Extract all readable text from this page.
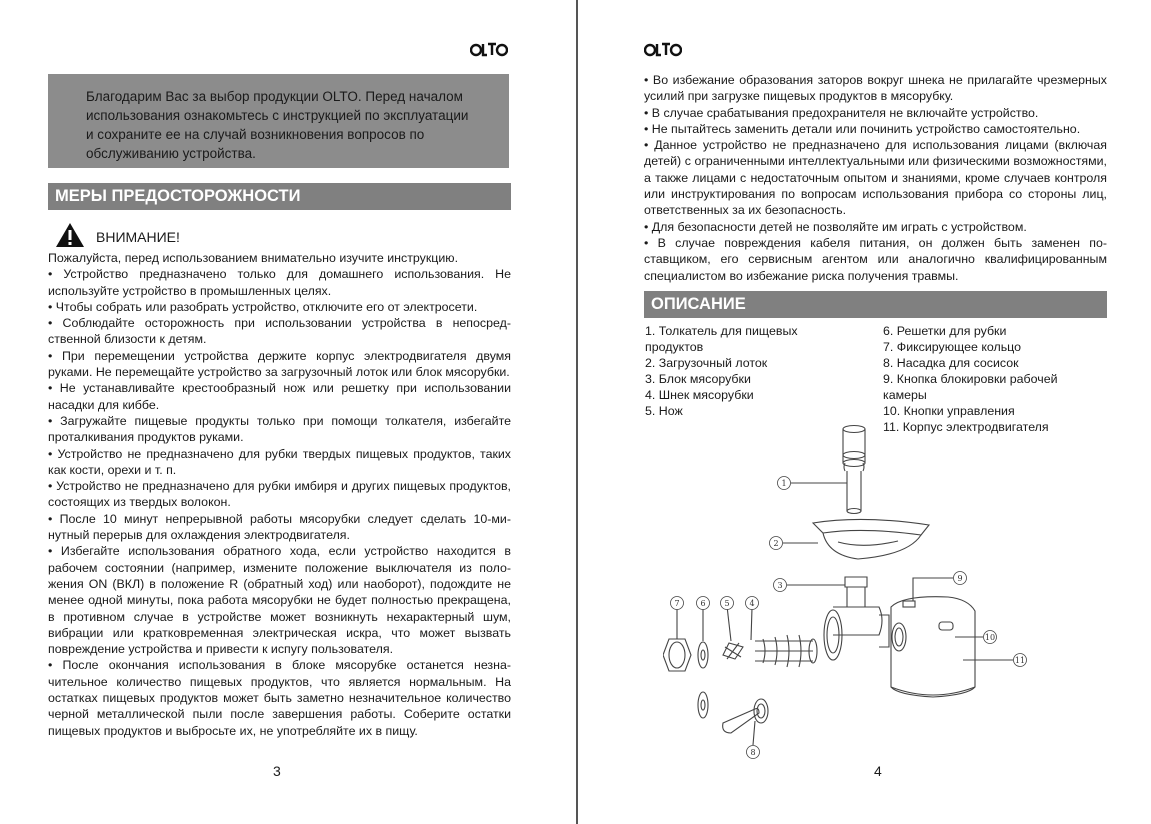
Благодарим Вас за выбор продукции OLTO. Перед началом использования ознакомьтесь с инструкцией по эксплуатации и сохраните ее на случай возникновения вопросов по обслуживанию устройства.
МЕРЫ ПРЕДОСТОРОЖНОСТИ
ВНИМАНИЕ!

Пожалуйста, перед использованием внимательно изучите инструкцию.

• Устройство предназначено только для домашнего использования. Не используйте устройство в промышленных целях.

• Чтобы собрать или разобрать устройство, отключите его от электросети.

• Соблюдайте осторожность при использовании устройства в непосредственной близости к детям.

• При перемещении устройства держите корпус электродвигателя двумя руками. Не перемещайте устройство за загрузочный лоток или блок мясорубки.

• Не устанавливайте крестообразный нож или решетку при использовании насадки для киббе.

• Загружайте пищевые продукты только при помощи толкателя, избегайте проталкивания продуктов руками.

• Устройство не предназначено для рубки твердых пищевых продуктов, таких как кости, орехи и т. п.

• Устройство не предназначено для рубки имбиря и других пищевых продуктов, состоящих из твердых волокон.

• После 10 минут непрерывной работы мясорубки следует сделать 10-минутный перерыв для охлаждения электродвигателя.

• Избегайте использования обратного хода, если устройство находится в рабочем состоянии (например, измените положение выключателя из положения ON (ВКЛ) в положение R (обратный ход) или наоборот), подождите не менее одной минуты, пока работа мясорубки не будет полностью прекращена, в противном случае в устройстве может возникнуть нехарактерный шум, вибрации или кратковременная электрическая искра, что может вызвать повреждение устройства и привести к испугу пользователя.

• После окончания использования в блоке мясорубке останется незначительное количество пищевых продуктов, что является нормальным. На остатках пищевых продуктов может быть заметно незначительное количество черной металлической пыли после завершения работы. Соберите остатки пищевых продуктов и выбросьте их, не употребляйте их в пищу.

3

• Во избежание образования заторов вокруг шнека не прилагайте чрезмерных усилий при загрузке пищевых продуктов в мясорубку.

• В случае срабатывания предохранителя не включайте устройство.

• Не пытайтесь заменить детали или починить устройство самостоятельно.

• Данное устройство не предназначено для использования лицами (включая детей) с ограниченными интеллектуальными или физическими возможностями, а также лицами с недостаточным опытом и знаниями, кроме случаев контроля или инструктирования по вопросам использования прибора со стороны лиц, ответственных за их безопасность.

• Для безопасности детей не позволяйте им играть с устройством.

• В случае повреждения кабеля питания, он должен быть заменен поставщиком, его сервисным агентом или аналогично квалифицированным специалистом во избежание риска получения травмы.

ОПИСАНИЕ
1. Толкатель для пищевых
продуктов
2. Загрузочный лоток
3. Блок мясорубки
4. Шнек мясорубки
5. Нож
6. Решетки для рубки
7. Фиксирующее кольцо
8. Насадка для сосисок
9. Кнопка блокировки рабочей
камеры
10. Кнопки управления
11. Корпус электродвигателя
1
2
3
4
5
6
7
8
9
10
11
4
